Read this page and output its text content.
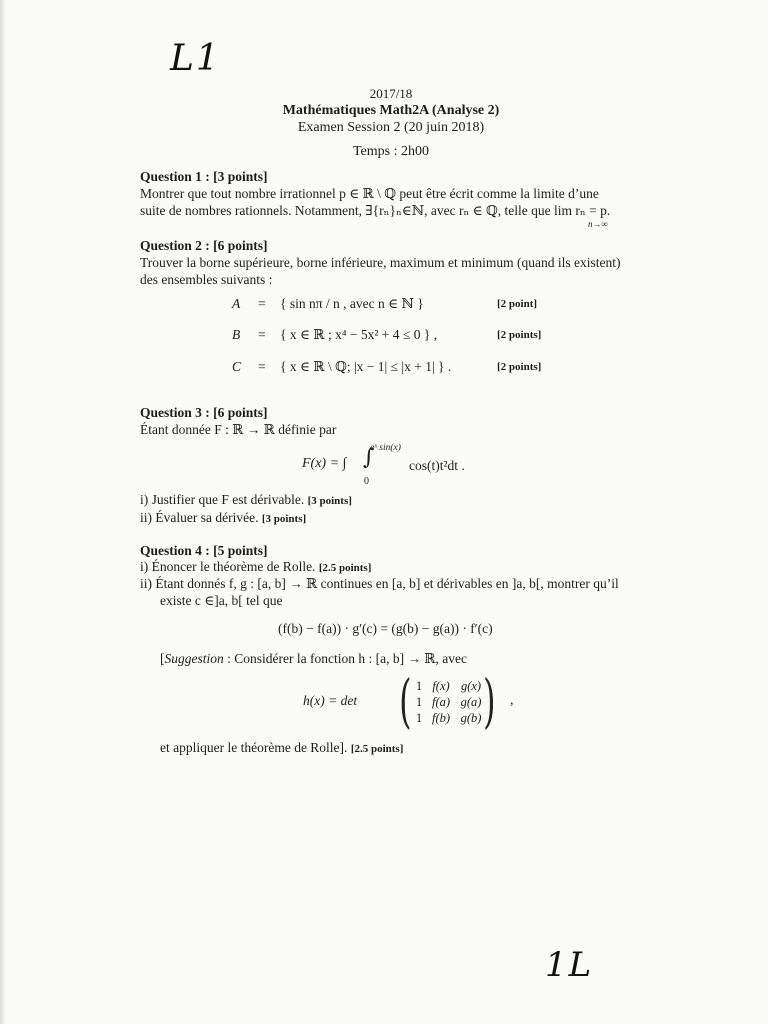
L1
2017/18
Mathématiques Math2A (Analyse 2)
Examen Session 2 (20 juin 2018)
Temps : 2h00
Question 1 : [3 points]
Montrer que tout nombre irrationnel p ∈ ℝ \ ℚ peut être écrit comme la limite d’une
suite de nombres rationnels. Notamment, ∃{rₙ}ₙ∈ℕ, avec rₙ ∈ ℚ, telle que lim rₙ = p.
n→∞
Question 2 : [6 points]
Trouver la borne supérieure, borne inférieure, maximum et minimum (quand ils existent)
des ensembles suivants :
A = { sin nπ / n , avec n ∈ ℕ }	[2 point]
B = { x ∈ ℝ ; x⁴ − 5x² + 4 ≤ 0 } ,	[2 points]
C = { x ∈ ℝ \ ℚ; |x − 1| ≤ |x + 1| } .	[2 points]
Question 3 : [6 points]
Étant donnée F : ℝ → ℝ définie par
F(x) = ∫ ∫
eˣ sin(x)
0
cos(t)t²dt .
i) Justifier que F est dérivable. [3 points]
ii) Évaluer sa dérivée. [3 points]
Question 4 : [5 points]
i) Énoncer le théorème de Rolle. [2.5 points]
ii) Étant donnés f, g : [a, b] → ℝ continues en [a, b] et dérivables en ]a, b[, montrer qu’il
existe c ∈]a, b[ tel que
(f(b) − f(a)) · g′(c) = (g(b) − g(a)) · f′(c)
[Suggestion : Considérer la fonction h : [a, b] → ℝ, avec
h(x) = det ( 1 f(x) g(x)
1 f(a) g(a)
1 f(b) g(b) ) ,
et appliquer le théorème de Rolle]. [2.5 points]
1L
